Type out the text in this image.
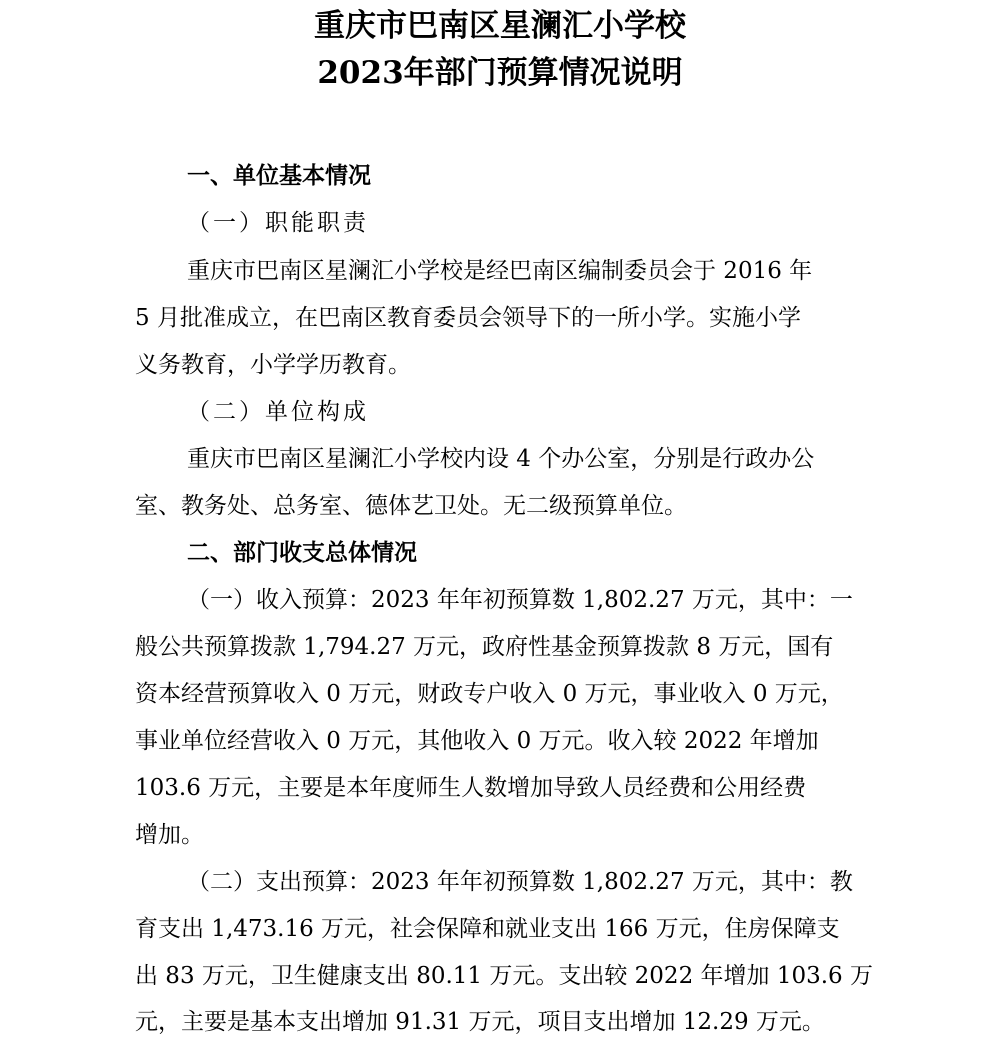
重庆市巴南区星澜汇小学校
2023年部门预算情况说明
一、单位基本情况
（一）职能职责
重庆市巴南区星澜汇小学校是经巴南区编制委员会于 2016 年
5 月批准成立，在巴南区教育委员会领导下的一所小学。实施小学
义务教育，小学学历教育。
（二）单位构成
重庆市巴南区星澜汇小学校内设 4 个办公室，分别是行政办公
室、教务处、总务室、德体艺卫处。无二级预算单位。
二、部门收支总体情况
（一）收入预算：2023 年年初预算数 1,802.27 万元，其中：一
般公共预算拨款 1,794.27 万元，政府性基金预算拨款 8 万元，国有
资本经营预算收入 0 万元，财政专户收入 0 万元，事业收入 0 万元，
事业单位经营收入 0 万元，其他收入 0 万元。收入较 2022 年增加
103.6 万元，主要是本年度师生人数增加导致人员经费和公用经费
增加。
（二）支出预算：2023 年年初预算数 1,802.27 万元，其中：教
育支出 1,473.16 万元，社会保障和就业支出 166 万元，住房保障支
出 83 万元，卫生健康支出 80.11 万元。支出较 2022 年增加 103.6 万
元，主要是基本支出增加 91.31 万元，项目支出增加 12.29 万元。
